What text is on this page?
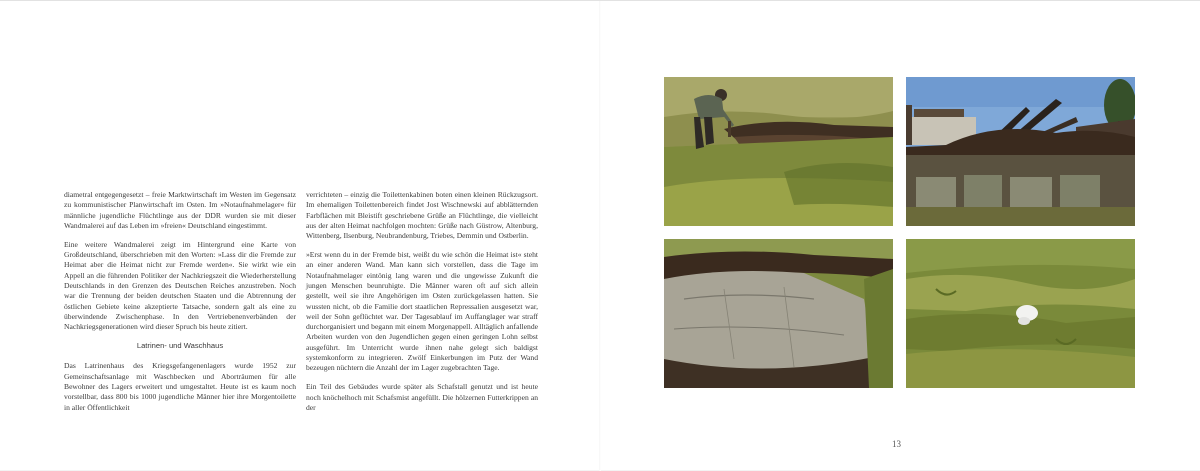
diametral entgegengesetzt – freie Marktwirtschaft im Westen im Gegensatz zu kommunistischer Planwirtschaft im Osten. Im »Notaufnahmelager« für männliche jugendliche Flüchtlinge aus der DDR wurden sie mit dieser Wandmalerei auf das Leben im »freien« Deutschland eingestimmt.

Eine weitere Wandmalerei zeigt im Hintergrund eine Karte von Großdeutschland, überschrieben mit den Worten: »Lass dir die Fremde zur Heimat aber die Heimat nicht zur Fremde werden«. Sie wirkt wie ein Appell an die führenden Politiker der Nachkriegszeit die Wiederherstellung Deutschlands in den Grenzen des Deutschen Reiches anzustreben. Noch war die Trennung der beiden deutschen Staaten und die Abtrennung der östlichen Gebiete keine akzeptierte Tatsache, sondern galt als eine zu überwindende Zwischenphase. In den Vertriebenenverbänden der Nachkriegsgenerationen wird dieser Spruch bis heute zitiert.

Latrinen- und Waschhaus

Das Latrinenhaus des Kriegsgefangenenlagers wurde 1952 zur Gemeinschaftsanlage mit Waschbecken und Aborträumen für alle Bewohner des Lagers erweitert und umgestaltet. Heute ist es kaum noch vorstellbar, dass 800 bis 1000 jugendliche Männer hier ihre Morgentoilette in aller Öffentlichkeit

verrichteten – einzig die Toilettenkabinen boten einen kleinen Rückzugsort. Im ehemaligen Toilettenbereich findet Jost Wischnewski auf abblätternden Farbflächen mit Bleistift geschriebene Grüße an Flüchtlinge, die vielleicht aus der alten Heimat nachfolgen mochten: Grüße nach Güstrow, Altenburg, Wittenberg, Ilsenburg, Neubrandenburg, Triebes, Demmin und Ostberlin.

»Erst wenn du in der Fremde bist, weißt du wie schön die Heimat ist« steht an einer anderen Wand. Man kann sich vorstellen, dass die Tage im Notaufnahmelager eintönig lang waren und die ungewisse Zukunft die jungen Menschen beunruhigte. Die Männer waren oft auf sich allein gestellt, weil sie ihre Angehörigen im Osten zurückgelassen hatten. Sie wussten nicht, ob die Familie dort staatlichen Repressalien ausgesetzt war, weil der Sohn geflüchtet war. Der Tagesablauf im Auffanglager war straff durchorganisiert und begann mit einem Morgenappell. Alltäglich anfallende Arbeiten wurden von den Jugendlichen gegen einen geringen Lohn selbst ausgeführt. Im Unterricht wurde ihnen nahe gelegt sich baldigst systemkonform zu integrieren. Zwölf Einkerbungen im Putz der Wand bezeugen nüchtern die Anzahl der im Lager zugebrachten Tage.

Ein Teil des Gebäudes wurde später als Schafstall genutzt und ist heute noch knöchelhoch mit Schafsmist angefüllt. Die hölzernen Futterkrippen an der

13
